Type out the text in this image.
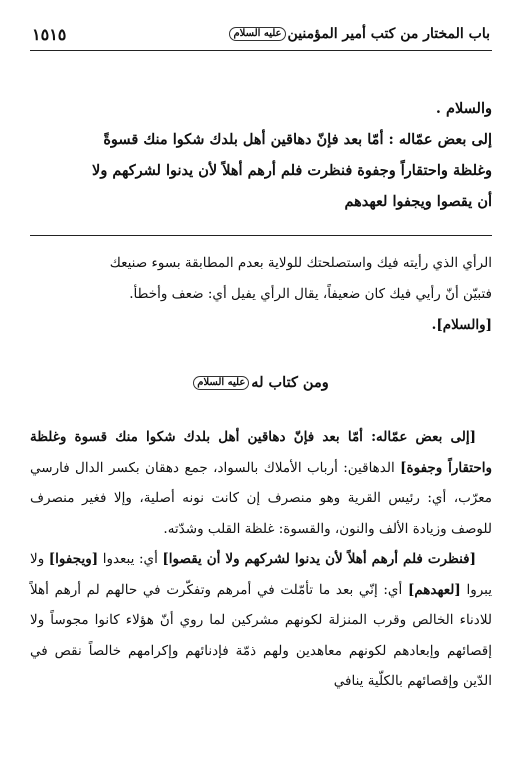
باب المختار من كتب أمير المؤمنينعليه السلام
١٥١٥

والسلام .

إلى بعض عمّاله : أمّا بعد فإنّ دهاقين أهل بلدك شكوا منك قسوةً

وغلظة واحتقاراً وجفوة فنظرت فلم أرهم أهلاً لأن يدنوا لشركهم ولا

أن يقصوا ويجفوا لعهدهم

الرأي الذي رأيته فيك واستصلحتك للولاية بعدم المطابقة بسوء صنيعك

فتبيّن أنّ رأيي فيك كان ضعيفاً، يقال الرأي يفيل أي: ضعف وأخطأ.

[والسلام].

ومن كتاب لهعليه السلام

[إلى بعض عمّاله: أمّا بعد فإنّ دهاقين أهل بلدك شكوا منك قسوة وغلظة واحتقاراً وجفوة] الدهاقين: أرباب الأملاك بالسواد، جمع دهقان بكسر الدال فارسي معرّب، أي: رئيس القرية وهو منصرف إن كانت نونه أصلية، وإلا فغير منصرف للوصف وزيادة الألف والنون، والقسوة: غلظة القلب وشدّته.

[فنظرت فلم أرهم أهلاً لأن يدنوا لشركهم ولا أن يقصوا] أي: يبعدوا [ويجفوا] ولا يبروا [لعهدهم] أي: إنّي بعد ما تأمّلت في أمرهم وتفكّرت في حالهم لم أرهم أهلاً للادناء الخالص وقرب المنزلة لكونهم مشركين لما روي أنّ هؤلاء كانوا مجوساً ولا إقصائهم وإبعادهم لكونهم معاهدين ولهم ذمّة فإدنائهم وإكرامهم خالصاً نقص في الدّين وإقصائهم بالكلّية ينافي
